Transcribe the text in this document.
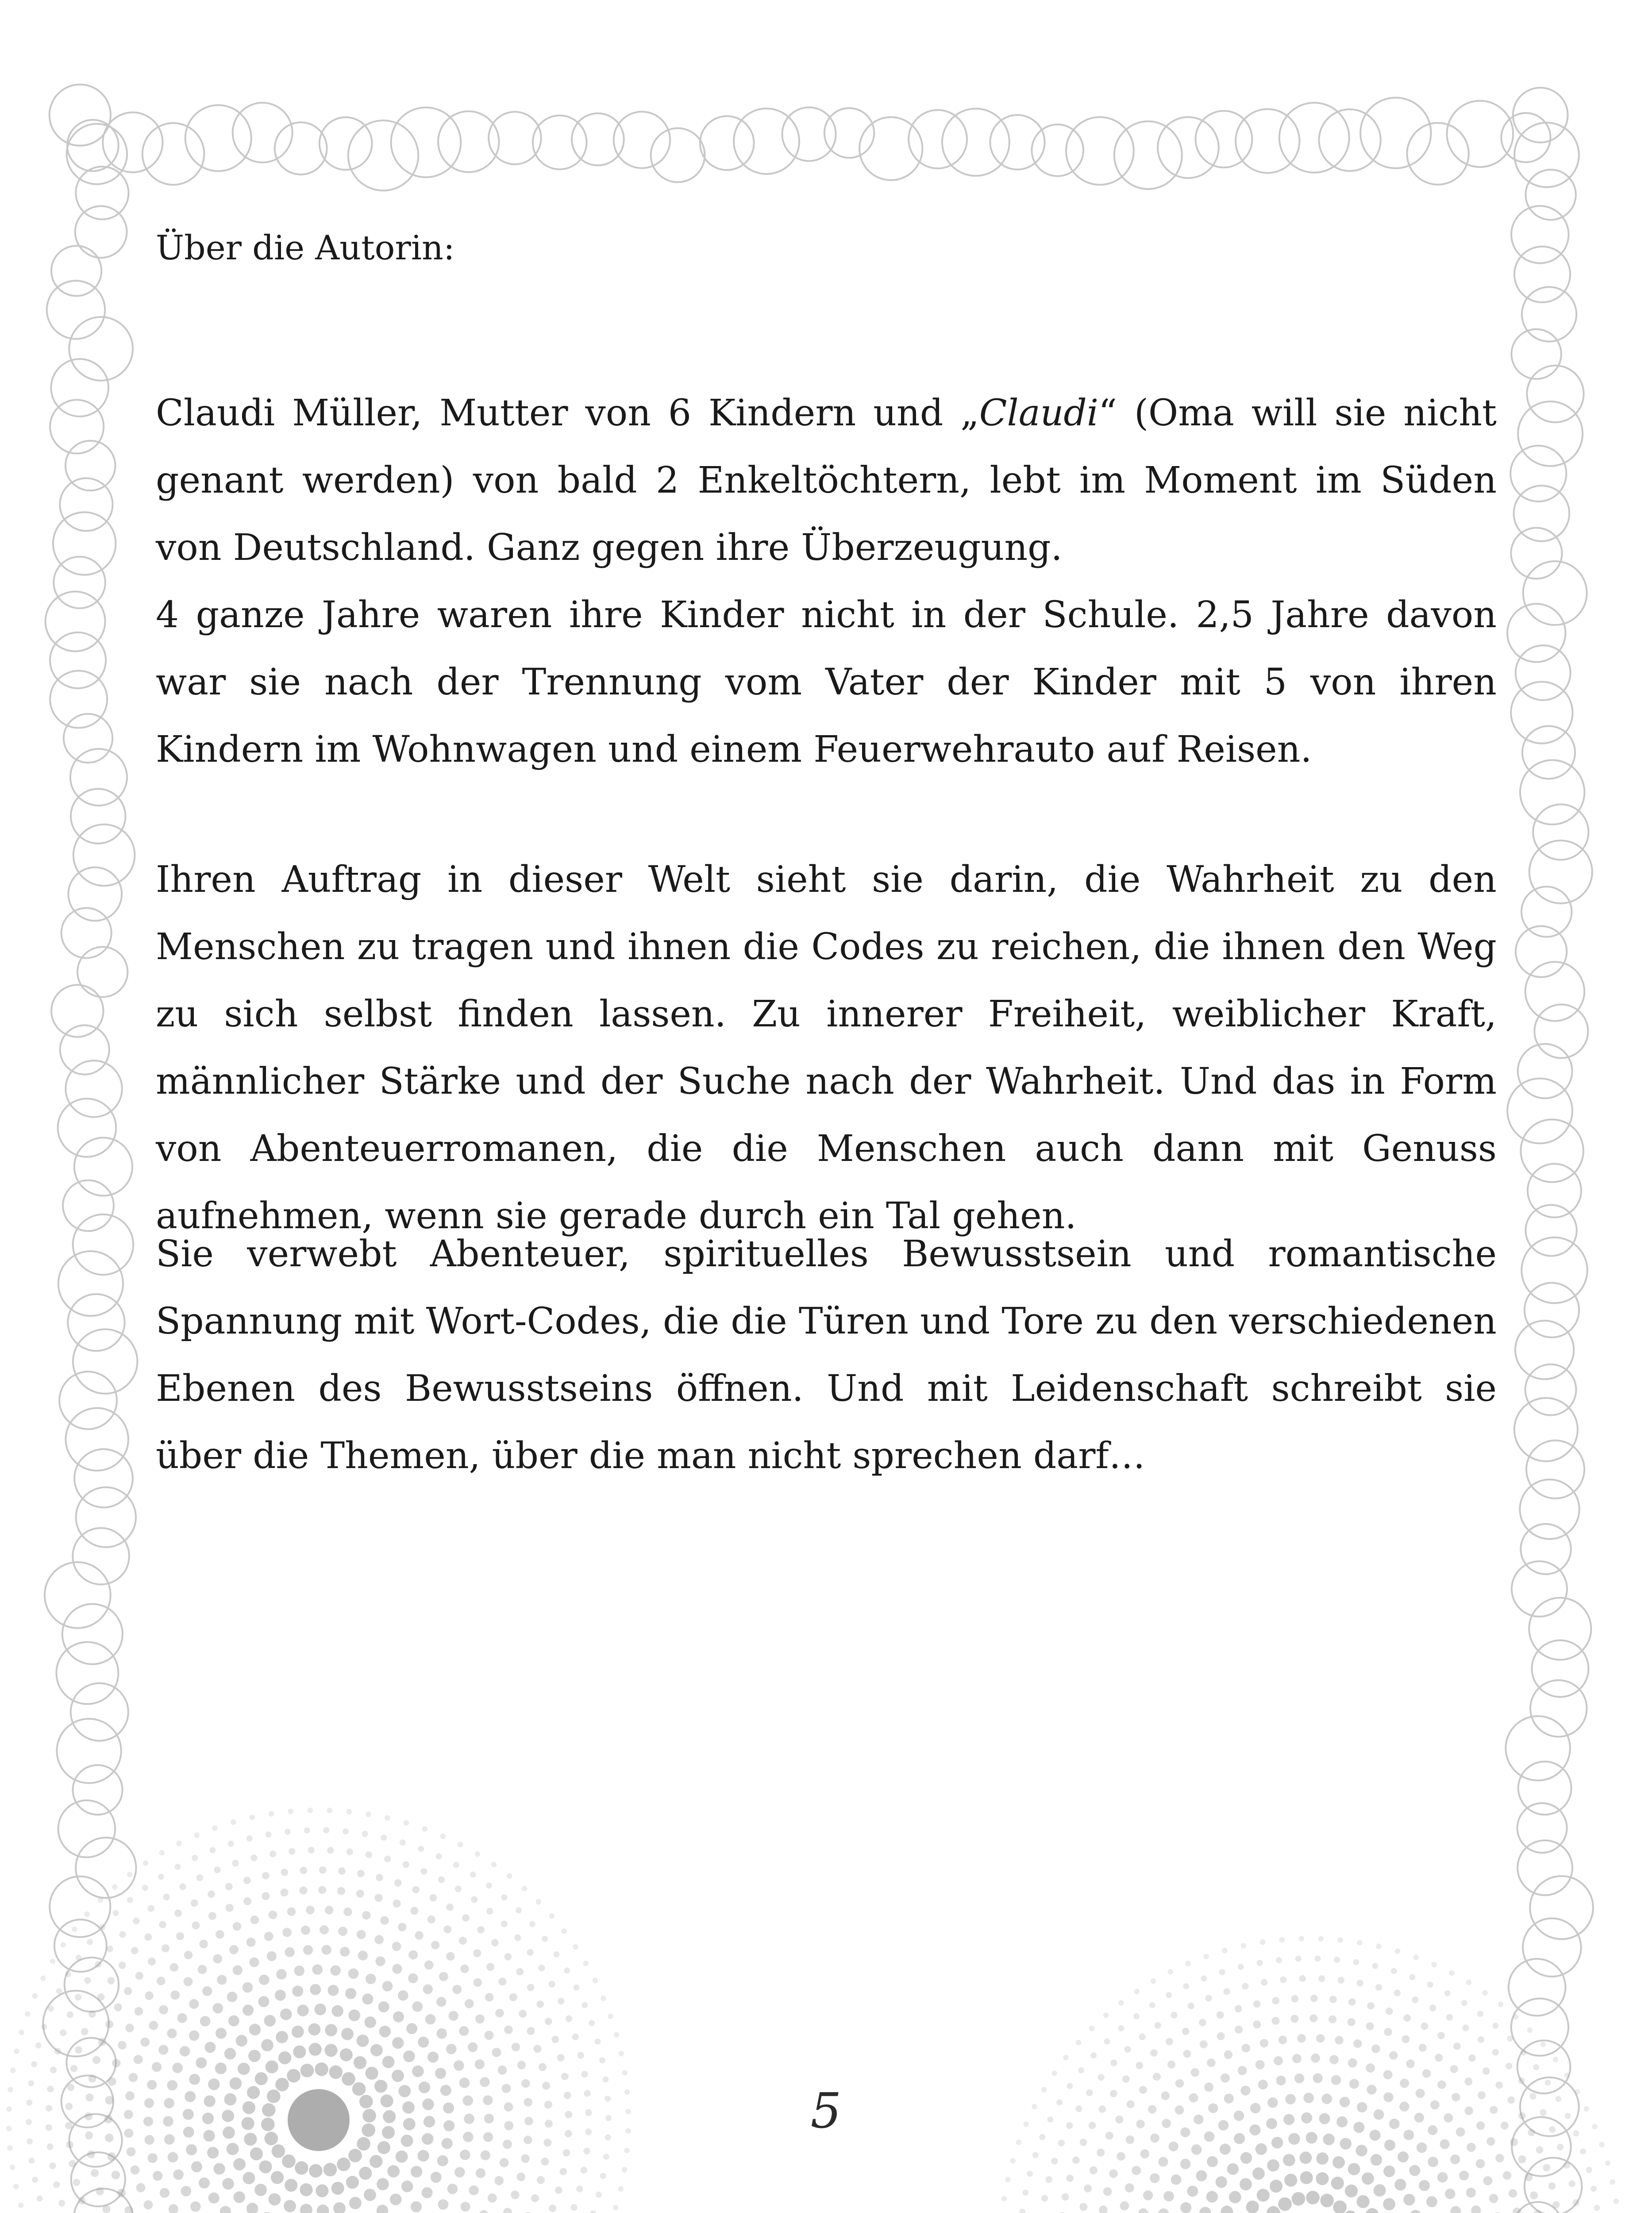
Über die Autorin:

Claudi Müller, Mutter von 6 Kindern und „Claudi“ (Oma will sie nicht genant werden) von bald 2 Enkeltöchtern, lebt im Moment im Süden von Deutschland. Ganz gegen ihre Überzeugung.

4 ganze Jahre waren ihre Kinder nicht in der Schule. 2,5 Jahre davon war sie nach der Trennung vom Vater der Kinder mit 5 von ihren Kindern im Wohnwagen und einem Feuerwehrauto auf Reisen.

Ihren Auftrag in dieser Welt sieht sie darin, die Wahrheit zu den Menschen zu tragen und ihnen die Codes zu reichen, die ihnen den Weg zu sich selbst finden lassen. Zu innerer Freiheit, weiblicher Kraft, männlicher Stärke und der Suche nach der Wahrheit. Und das in Form von Abenteuerromanen, die die Menschen auch dann mit Genuss aufnehmen, wenn sie gerade durch ein Tal gehen.

Sie verwebt Abenteuer, spirituelles Bewusstsein und romantische Spannung mit Wort-Codes, die die Türen und Tore zu den verschiedenen Ebenen des Bewusstseins öffnen. Und mit Leidenschaft schreibt sie über die Themen, über die man nicht sprechen darf…

5
